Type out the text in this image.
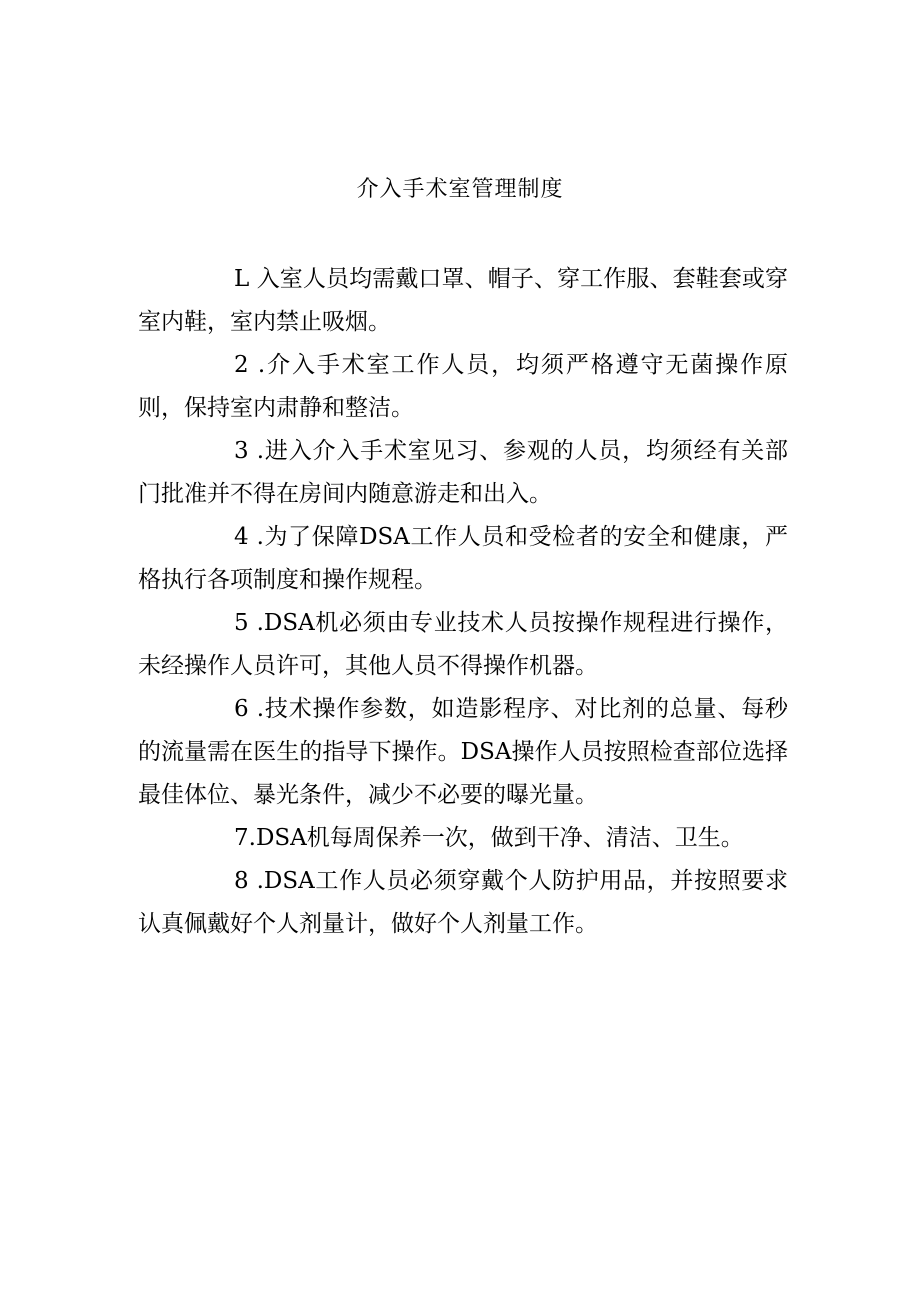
介入手术室管理制度

L 入室人员均需戴口罩、帽子、穿工作服、套鞋套或穿室内鞋，室内禁止吸烟。

2 .介入手术室工作人员，均须严格遵守无菌操作原则，保持室内肃静和整洁。

3 .进入介入手术室见习、参观的人员，均须经有关部门批准并不得在房间内随意游走和出入。

4 .为了保障DSA工作人员和受检者的安全和健康，严格执行各项制度和操作规程。

5 .DSA机必须由专业技术人员按操作规程进行操作，未经操作人员许可，其他人员不得操作机器。

6 .技术操作参数，如造影程序、对比剂的总量、每秒的流量需在医生的指导下操作。DSA操作人员按照检查部位选择最佳体位、暴光条件，减少不必要的曝光量。

7.DSA机每周保养一次，做到干净、清洁、卫生。

8 .DSA工作人员必须穿戴个人防护用品，并按照要求认真佩戴好个人剂量计，做好个人剂量工作。
